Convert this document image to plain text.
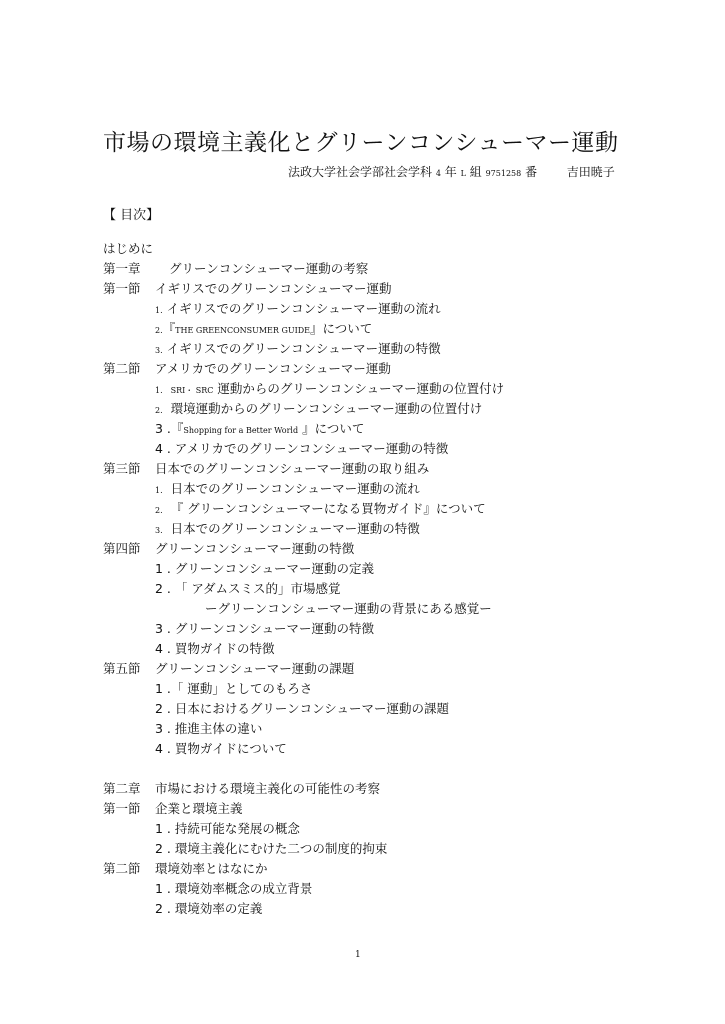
市場の環境主義化とグリーンコンシューマー運動
法政大学社会学部社会学科 4 年 L 組 9751258 番 吉田暁子
【 目次】
はじめに
第一章 グリーンコンシューマー運動の考察
第一節 イギリスでのグリーンコンシューマー運動
1. イギリスでのグリーンコンシューマー運動の流れ
2.『THE GREENCONSUMER GUIDE』について
3. イギリスでのグリーンコンシューマー運動の特徴
第二節 アメリカでのグリーンコンシューマー運動
1. SRI・ SRC 運動からのグリーンコンシューマー運動の位置付け
2. 環境運動からのグリーンコンシューマー運動の位置付け
3 .『Shopping for a Better World 』について
4 . アメリカでのグリーンコンシューマー運動の特徴
第三節 日本でのグリーンコンシューマー運動の取り組み
1. 日本でのグリーンコンシューマー運動の流れ
2. 『 グリーンコンシューマーになる買物ガイド』について
3. 日本でのグリーンコンシューマー運動の特徴
第四節 グリーンコンシューマー運動の特徴
1 . グリーンコンシューマー運動の定義
2 . 「 アダムスミス的」市場感覚
ーグリーンコンシューマー運動の背景にある感覚ー
3 . グリーンコンシューマー運動の特徴
4 . 買物ガイドの特徴
第五節 グリーンコンシューマー運動の課題
1 .「 運動」としてのもろさ
2 . 日本におけるグリーンコンシューマー運動の課題
3 . 推進主体の違い
4 . 買物ガイドについて
第二章 市場における環境主義化の可能性の考察
第一節 企業と環境主義
1 . 持続可能な発展の概念
2 . 環境主義化にむけた二つの制度的拘束
第二節 環境効率とはなにか
1 . 環境効率概念の成立背景
2 . 環境効率の定義
1
